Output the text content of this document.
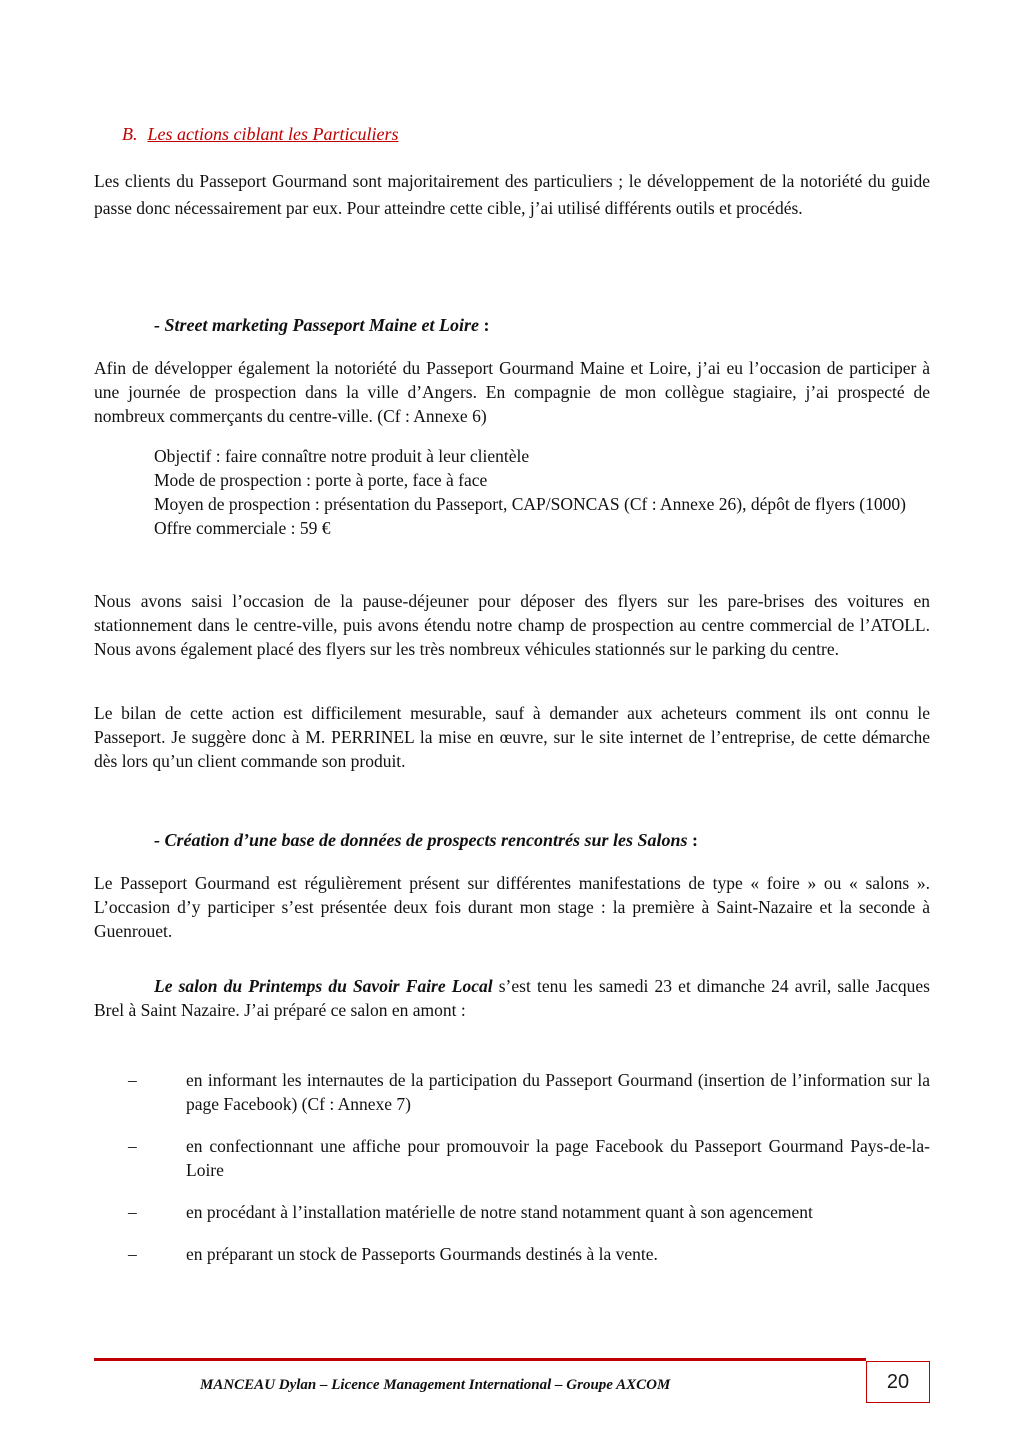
B. Les actions ciblant les Particuliers

Les clients du Passeport Gourmand sont majoritairement des particuliers ; le développement de la notoriété du guide passe donc nécessairement par eux. Pour atteindre cette cible, j’ai utilisé différents outils et procédés.

- Street marketing Passeport Maine et Loire :

Afin de développer également la notoriété du Passeport Gourmand Maine et Loire, j’ai eu l’occasion de participer à une journée de prospection dans la ville d’Angers. En compagnie de mon collègue stagiaire, j’ai prospecté de nombreux commerçants du centre-ville. (Cf : Annexe 6)

Objectif : faire connaître notre produit à leur clientèle
Mode de prospection : porte à porte, face à face
Moyen de prospection : présentation du Passeport, CAP/SONCAS (Cf : Annexe 26), dépôt de flyers (1000)
Offre commerciale : 59 €

Nous avons saisi l’occasion de la pause-déjeuner pour déposer des flyers sur les pare-brises des voitures en stationnement dans le centre-ville, puis avons étendu notre champ de prospection au centre commercial de l’ATOLL. Nous avons également placé des flyers sur les très nombreux véhicules stationnés sur le parking du centre.

Le bilan de cette action est difficilement mesurable, sauf à demander aux acheteurs comment ils ont connu le Passeport. Je suggère donc à M. PERRINEL la mise en œuvre, sur le site internet de l’entreprise, de cette démarche dès lors qu’un client commande son produit.

- Création d’une base de données de prospects rencontrés sur les Salons :

Le Passeport Gourmand est régulièrement présent sur différentes manifestations de type « foire » ou « salons ». L’occasion d’y participer s’est présentée deux fois durant mon stage : la première à Saint-Nazaire et la seconde à Guenrouet.

Le salon du Printemps du Savoir Faire Local s’est tenu les samedi 23 et dimanche 24 avril, salle Jacques Brel à Saint Nazaire. J’ai préparé ce salon en amont :

–	en informant les internautes de la participation du Passeport Gourmand (insertion de l’information sur la page Facebook) (Cf : Annexe 7)
–	en confectionnant une affiche pour promouvoir la page Facebook du Passeport Gourmand Pays-de-la-Loire
–	en procédant à l’installation matérielle de notre stand notamment quant à son agencement
–	en préparant un stock de Passeports Gourmands destinés à la vente.
MANCEAU Dylan – Licence Management International – Groupe AXCOM	20
